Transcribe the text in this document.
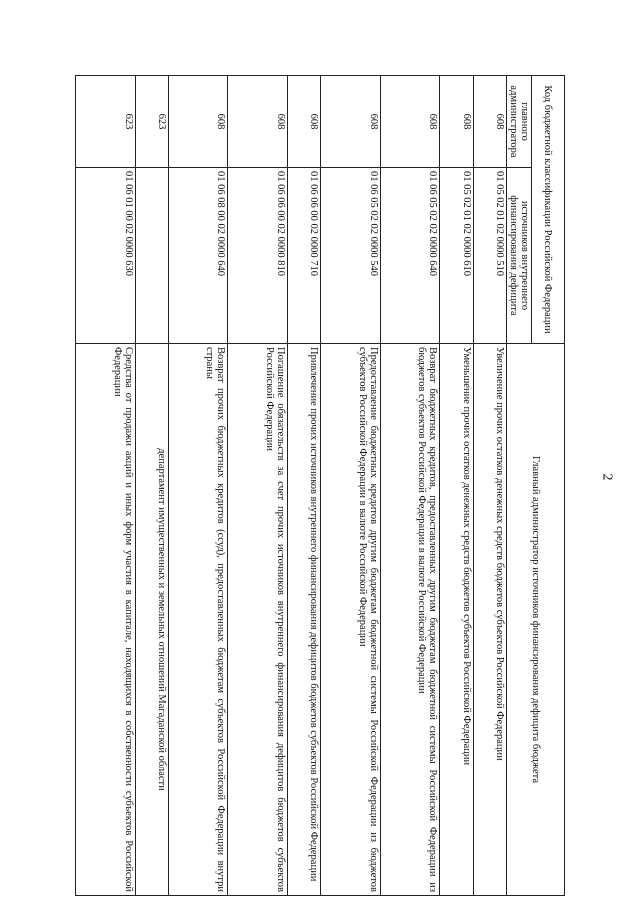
2
Код бюджетной классификации Российской Федерации		Главный администратор источников финансирования дефицита бюджета
главного администратора	источников внутреннего финансирования дефицита	
608	01 05 02 01 02 0000 510	Увеличение прочих остатков денежных средств бюджетов субъектов Российской Федерации
608	01 05 02 01 02 0000 610	Уменьшение прочих остатков денежных средств бюджетов субъектов Российской Федерации
608	01 06 05 02 02 0000 640	Возврат бюджетных кредитов, предоставленных другим бюджетам бюджетной системы Российской Федерации из бюджетов субъектов Российской Федерации в валюте Российской Федерации
608	01 06 05 02 02 0000 540	Предоставление бюджетных кредитов другим бюджетам бюджетной системы Российской Федерации из бюджетов субъектов Российской Федерации в валюте Российской Федерации
608	01 06 06 00 02 0000 710	Привлечение прочих источников внутреннего финансирования дефицитов бюджетов субъектов Российской Федерации
608	01 06 06 00 02 0000 810	Погашение обязательств за счет прочих источников внутреннего финансирования дефицитов бюджетов субъектов Российской Федерации
608	01 06 08 00 02 0000 640	Возврат прочих бюджетных кредитов (ссуд), предоставленных бюджетам субъектов Российской Федерации внутри страны
623		департамент имущественных и земельных отношений Магаданской области
623	01 06 01 00 02 0000 630	Средства от продажи акций и иных форм участия в капитале, находящихся в собственности субъектов Российской Федерации
